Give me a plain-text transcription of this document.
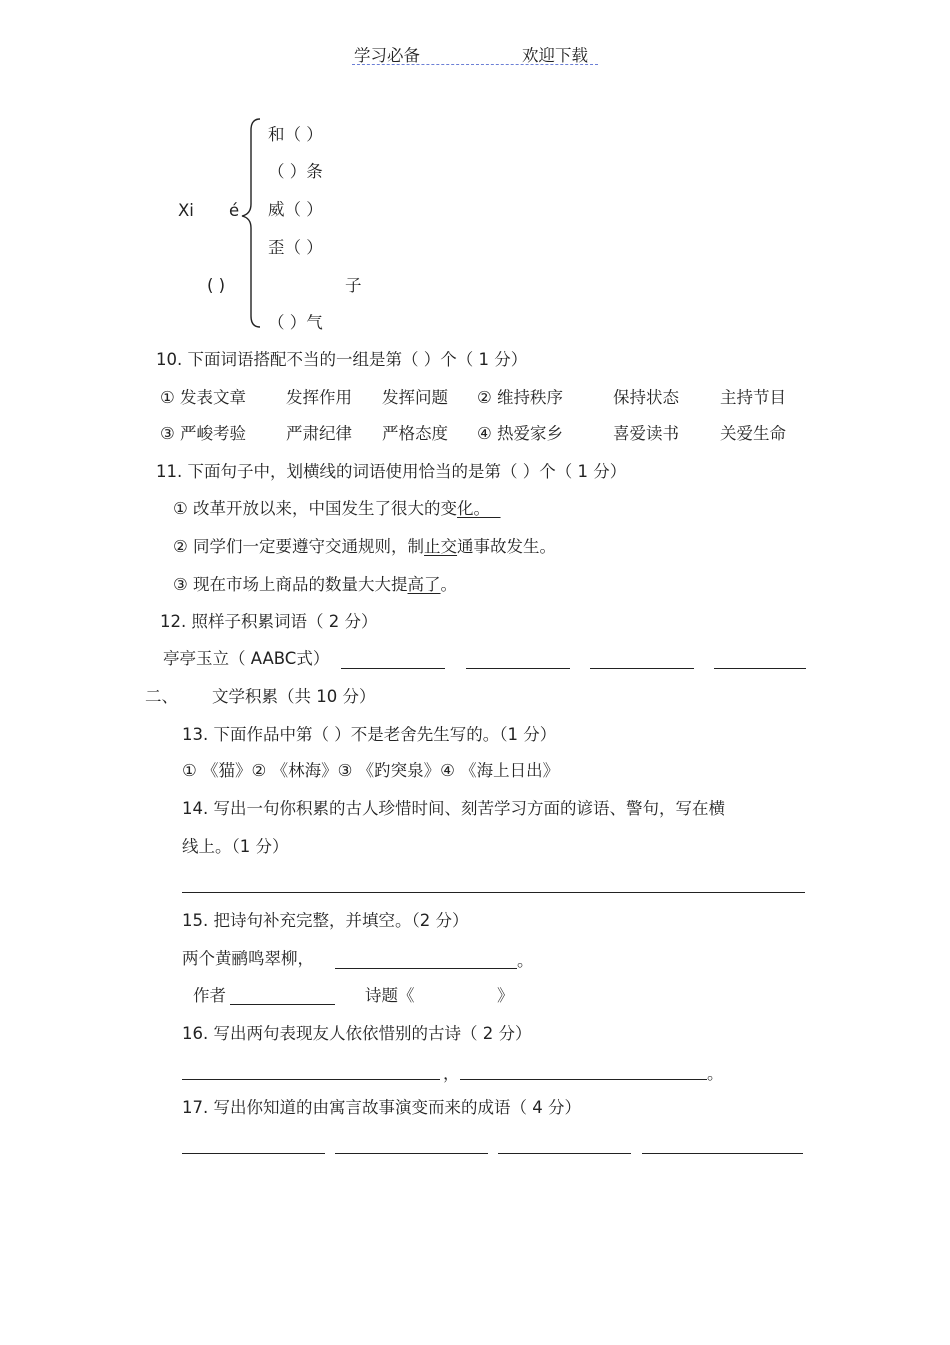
学习必备	欢迎下载
Xi é
( )
和（ ）
（ ）条
威（ ）
歪（ ）
子
（ ）气
10. 下面词语搭配不当的一组是第（ ）个（ 1 分）
① 发表文章 发挥作用 发挥问题 ② 维持秩序	保持状态 主持节目
③ 严峻考验 严肃纪律 严格态度 ④ 热爱家乡	喜爱读书 关爱生命
11. 下面句子中，划横线的词语使用恰当的是第（ ）个（ 1 分）
① 改革开放以来，中国发生了很大的变化。
② 同学们一定要遵守交通规则，制止交通事故发生。
③ 现在市场上商品的数量大大提高了。
12. 照样子积累词语（ 2 分）
亭亭玉立（ AABC式）
二、 文学积累（共 10 分）
13. 下面作品中第（ ）不是老舍先生写的。（1 分）
① 《猫》② 《林海》③ 《趵突泉》④ 《海上日出》
14. 写出一句你积累的古人珍惜时间、刻苦学习方面的谚语、警句，写在横
线上。（1 分）
15. 把诗句补充完整，并填空。（2 分）
两个黄鹂鸣翠柳，	。
作者	诗题《	》
16. 写出两句表现友人依依惜别的古诗（ 2 分）
，	。
17. 写出你知道的由寓言故事演变而来的成语（ 4 分）
